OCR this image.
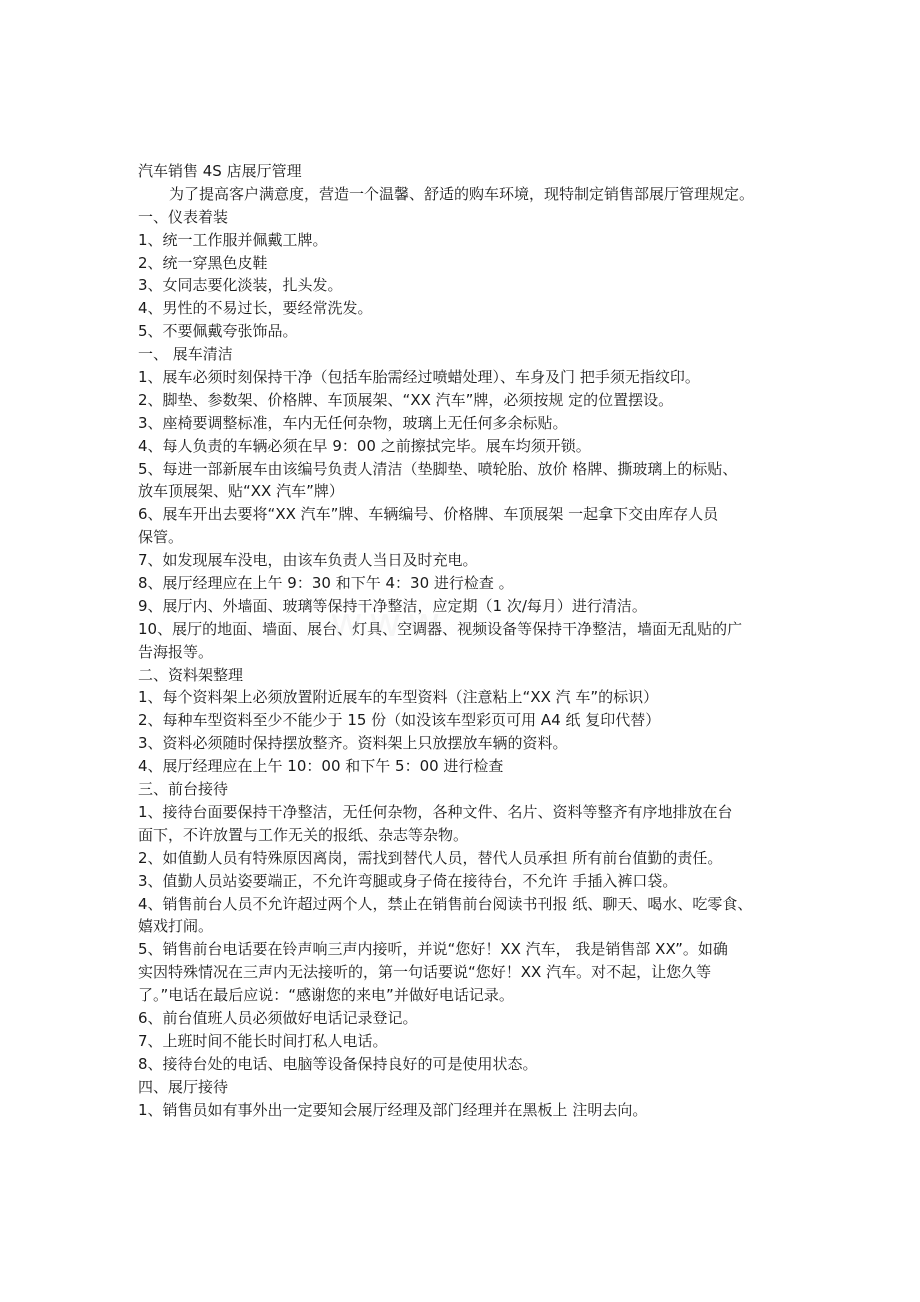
汽车销售 4S 店展厅管理
为了提高客户满意度，营造一个温馨、舒适的购车环境，现特制定销售部展厅管理规定。
一、仪表着装
1、统一工作服并佩戴工牌。
2、统一穿黑色皮鞋
3、女同志要化淡装，扎头发。
4、男性的不易过长，要经常洗发。
5、不要佩戴夸张饰品。
一、 展车清洁
1、展车必须时刻保持干净（包括车胎需经过喷蜡处理）、车身及门 把手须无指纹印。
2、脚垫、参数架、价格牌、车顶展架、“XX 汽车”牌，必须按规 定的位置摆设。
3、座椅要调整标准，车内无任何杂物，玻璃上无任何多余标贴。
4、每人负责的车辆必须在早 9：00 之前擦拭完毕。展车均须开锁。
5、每进一部新展车由该编号负责人清洁（垫脚垫、喷轮胎、放价 格牌、撕玻璃上的标贴、
放车顶展架、贴“XX 汽车”牌）
6、展车开出去要将“XX 汽车”牌、车辆编号、价格牌、车顶展架 一起拿下交由库存人员
保管。
7、如发现展车没电，由该车负责人当日及时充电。
8、展厅经理应在上午 9：30 和下午 4：30 进行检查 。
9、展厅内、外墙面、玻璃等保持干净整洁，应定期（1 次/每月）进行清洁。
10、展厅的地面、墙面、展台、灯具、空调器、视频设备等保持干净整洁，墙面无乱贴的广
告海报等。
二、资料架整理
1、每个资料架上必须放置附近展车的车型资料（注意粘上“XX 汽 车”的标识）
2、每种车型资料至少不能少于 15 份（如没该车型彩页可用 A4 纸 复印代替）
3、资料必须随时保持摆放整齐。资料架上只放摆放车辆的资料。
4、展厅经理应在上午 10：00 和下午 5：00 进行检查
三、前台接待
1、接待台面要保持干净整洁，无任何杂物，各种文件、名片、资料等整齐有序地排放在台
面下，不许放置与工作无关的报纸、杂志等杂物。
2、如值勤人员有特殊原因离岗，需找到替代人员，替代人员承担 所有前台值勤的责任。
3、值勤人员站姿要端正，不允许弯腿或身子倚在接待台，不允许 手插入裤口袋。
4、销售前台人员不允许超过两个人，禁止在销售前台阅读书刊报 纸、聊天、喝水、吃零食、
嬉戏打闹。
5、销售前台电话要在铃声响三声内接听，并说“您好！XX 汽车， 我是销售部 XX”。如确
实因特殊情况在三声内无法接听的，第一句话要说“您好！XX 汽车。对不起，让您久等
了。”电话在最后应说：“感谢您的来电”并做好电话记录。
6、前台值班人员必须做好电话记录登记。
7、上班时间不能长时间打私人电话。
8、接待台处的电话、电脑等设备保持良好的可是使用状态。
四、展厅接待
1、销售员如有事外出一定要知会展厅经理及部门经理并在黑板上 注明去向。
